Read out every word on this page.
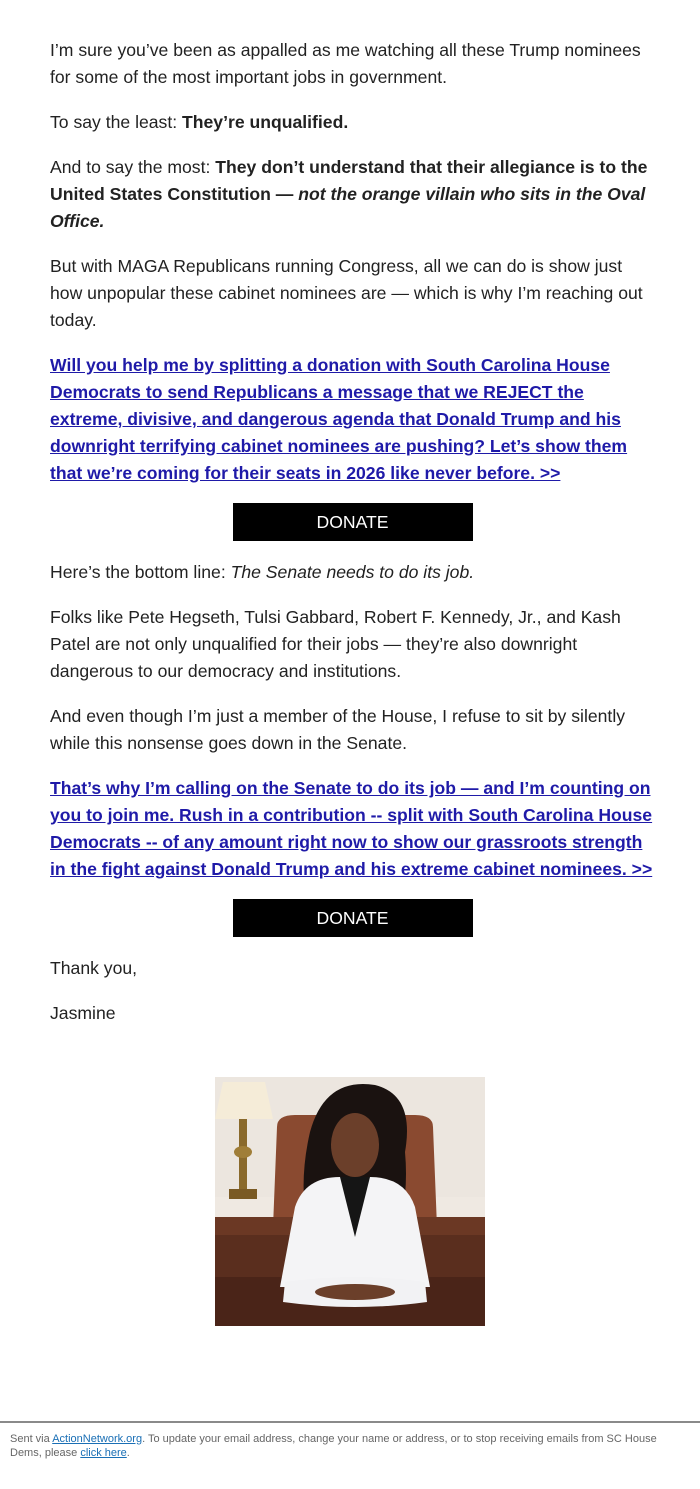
I’m sure you’ve been as appalled as me watching all these Trump nominees for some of the most important jobs in government.

To say the least: They’re unqualified.

And to say the most: They don’t understand that their allegiance is to the United States Constitution — not the orange villain who sits in the Oval Office.

But with MAGA Republicans running Congress, all we can do is show just how unpopular these cabinet nominees are — which is why I’m reaching out today.

Will you help me by splitting a donation with South Carolina House Democrats to send Republicans a message that we REJECT the extreme, divisive, and dangerous agenda that Donald Trump and his downright terrifying cabinet nominees are pushing? Let’s show them that we’re coming for their seats in 2026 like never before. >>

DONATE

Here’s the bottom line: The Senate needs to do its job.

Folks like Pete Hegseth, Tulsi Gabbard, Robert F. Kennedy, Jr., and Kash Patel are not only unqualified for their jobs — they’re also downright dangerous to our democracy and institutions.

And even though I’m just a member of the House, I refuse to sit by silently while this nonsense goes down in the Senate.

That’s why I’m calling on the Senate to do its job — and I’m counting on you to join me. Rush in a contribution -- split with South Carolina House Democrats -- of any amount right now to show our grassroots strength in the fight against Donald Trump and his extreme cabinet nominees. >>

DONATE

Thank you,

Jasmine

Sent via ActionNetwork.org. To update your email address, change your name or address, or to stop receiving emails from SC House Dems, please click here.
